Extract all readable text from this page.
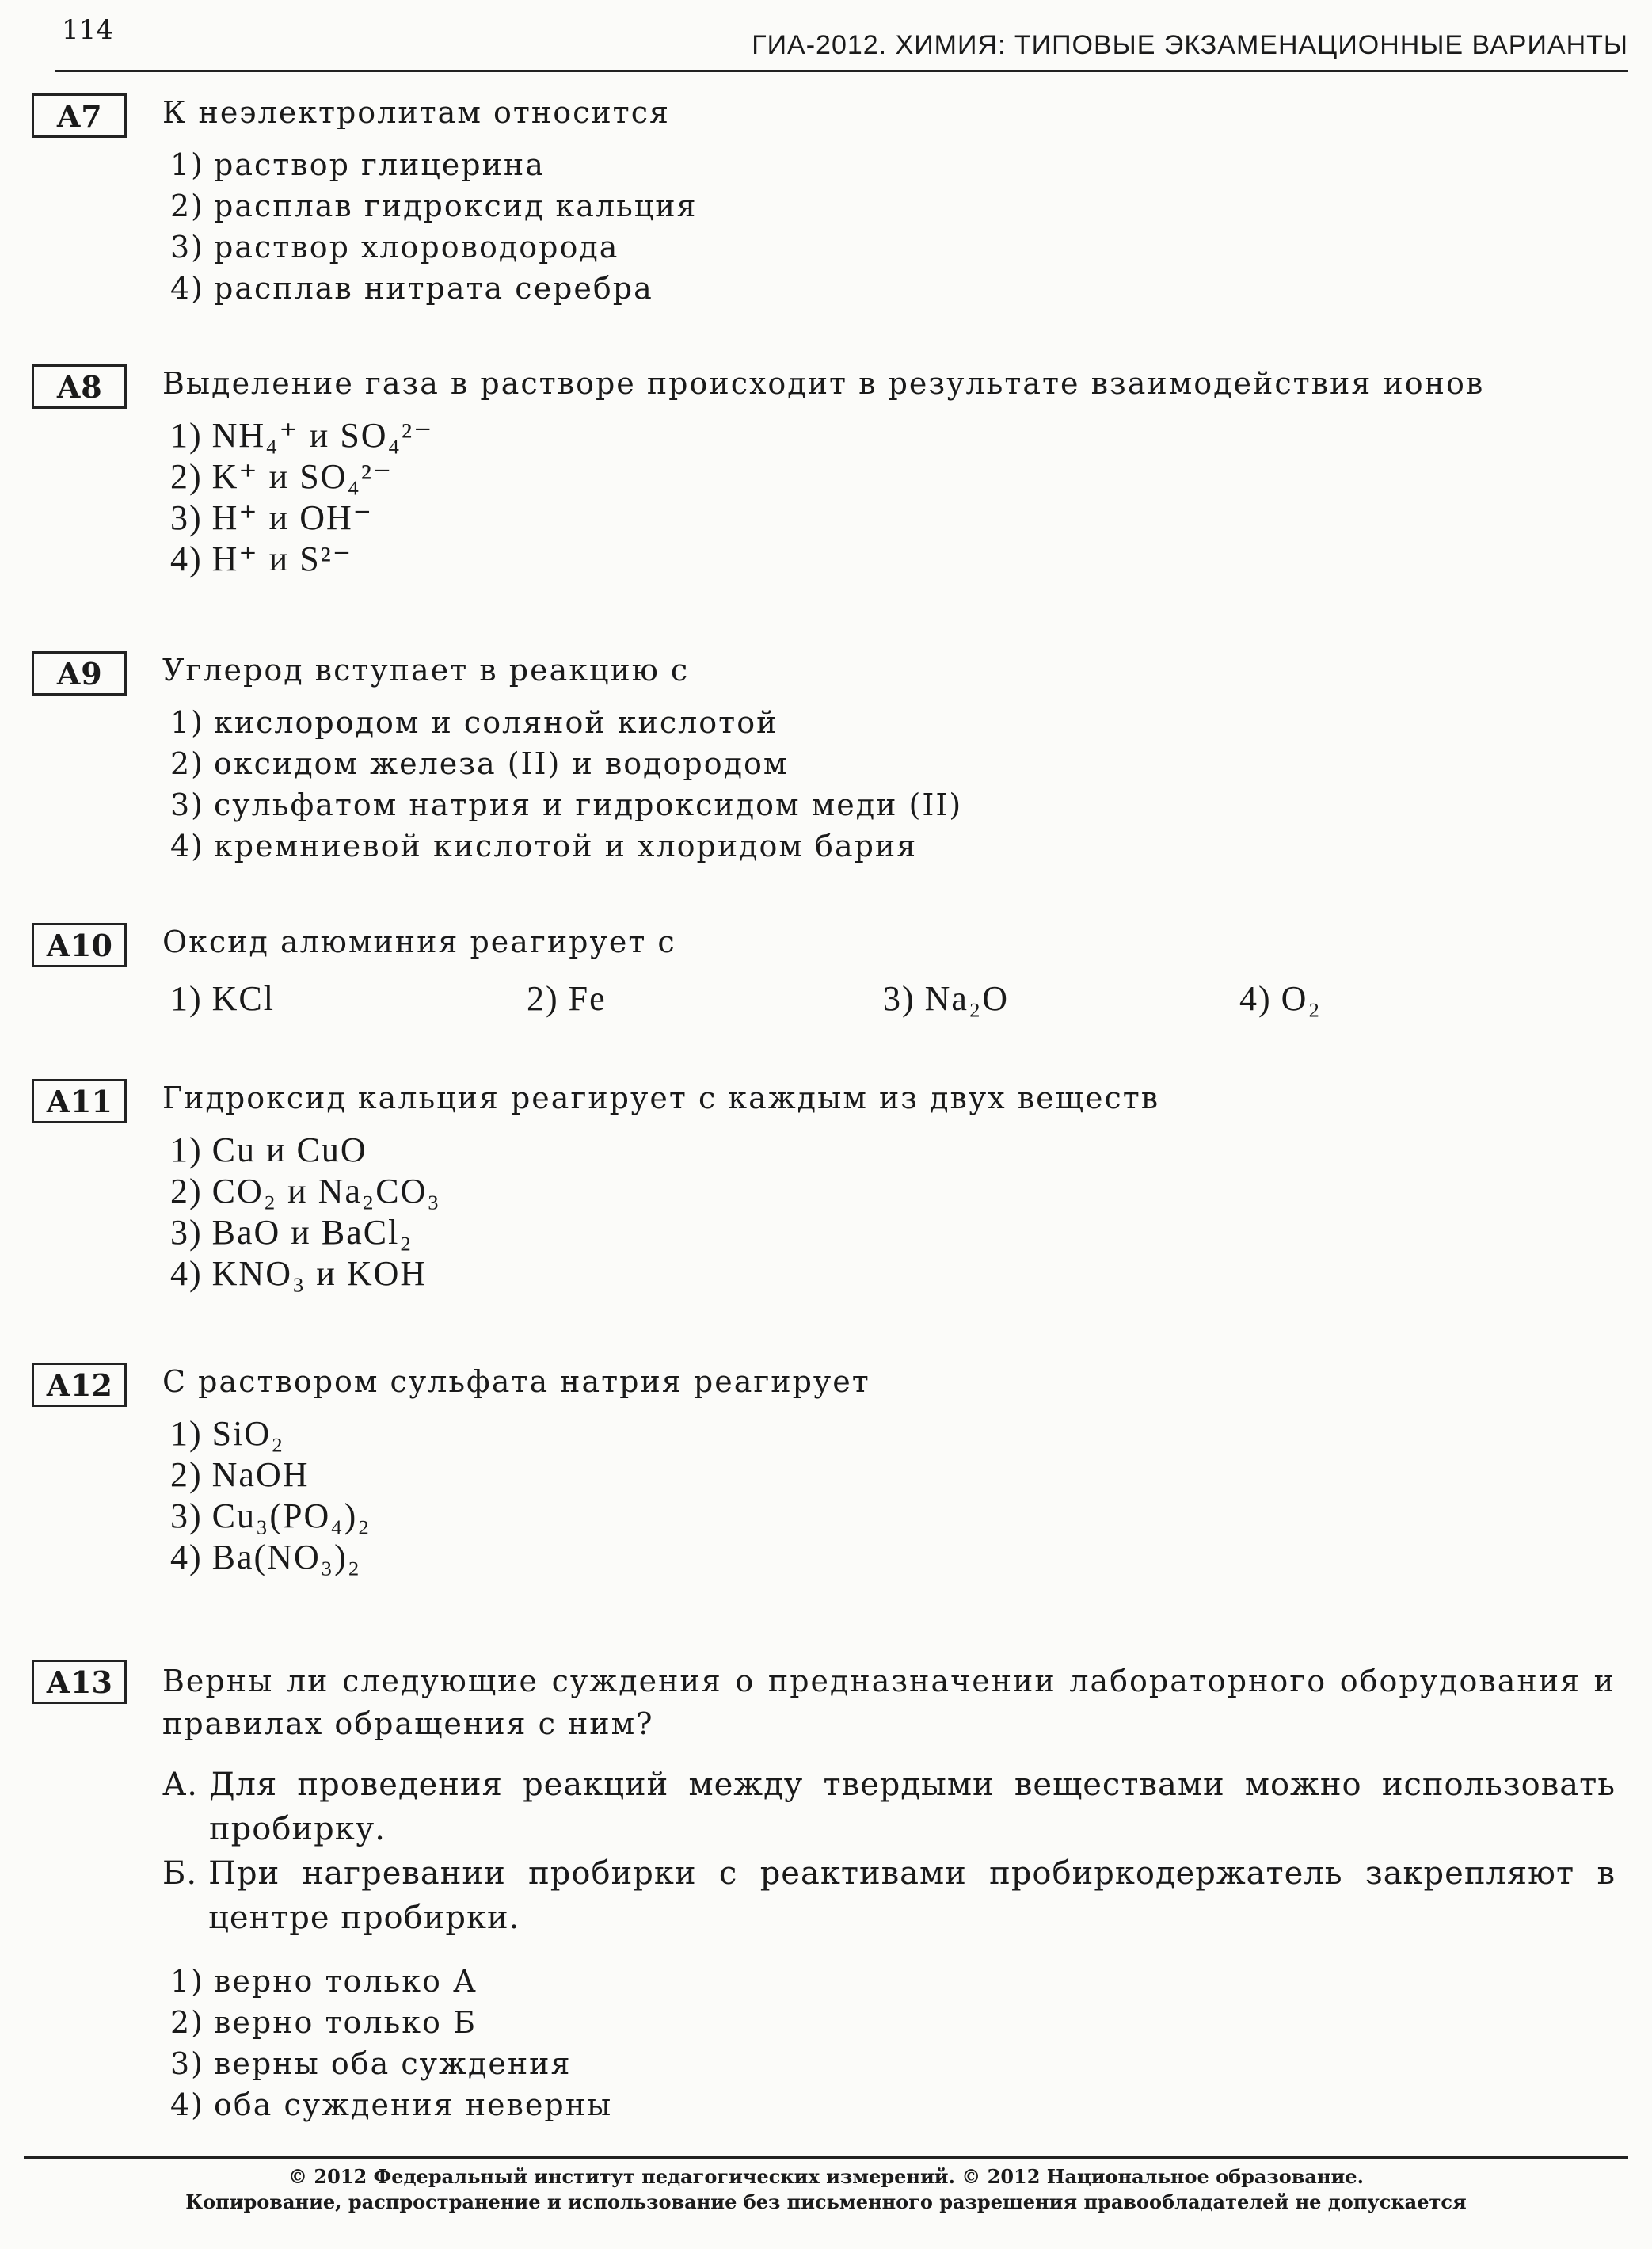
114	ГИА-2012. ХИМИЯ: ТИПОВЫЕ ЭКЗАМЕНАЦИОННЫЕ ВАРИАНТЫ
А7	К неэлектролитам относится

1) раствор глицерина
2) расплав гидроксид кальция
3) раствор хлороводорода
4) расплав нитрата серебра
А8	Выделение газа в растворе происходит в результате взаимодействия ионов

1) NH₄⁺ и SO₄²⁻
2) K⁺ и SO₄²⁻
3) H⁺ и OH⁻
4) H⁺ и S²⁻
А9	Углерод вступает в реакцию с

1) кислородом и соляной кислотой
2) оксидом железа (II) и водородом
3) сульфатом натрия и гидроксидом меди (II)
4) кремниевой кислотой и хлоридом бария
А10	Оксид алюминия реагирует с

1) KCl	2) Fe	3) Na₂O	4) O₂
А11	Гидроксид кальция реагирует с каждым из двух веществ

1) Cu и CuO
2) CO₂ и Na₂CO₃
3) BaO и BaCl₂
4) KNO₃ и KOH
А12	С раствором сульфата натрия реагирует

1) SiO₂
2) NaOH
3) Cu₃(PO₄)₂
4) Ba(NO₃)₂
А13	Верны ли следующие суждения о предназначении лабораторного оборудования и правилах обращения с ним?

А. Для проведения реакций между твердыми веществами можно использовать пробирку.
Б. При нагревании пробирки с реактивами пробиркодержатель закрепляют в центре пробирки.
1) верно только А
2) верно только Б
3) верны оба суждения
4) оба суждения неверны
© 2012 Федеральный институт педагогических измерений. © 2012 Национальное образование.
Копирование, распространение и использование без письменного разрешения правообладателей не допускается
